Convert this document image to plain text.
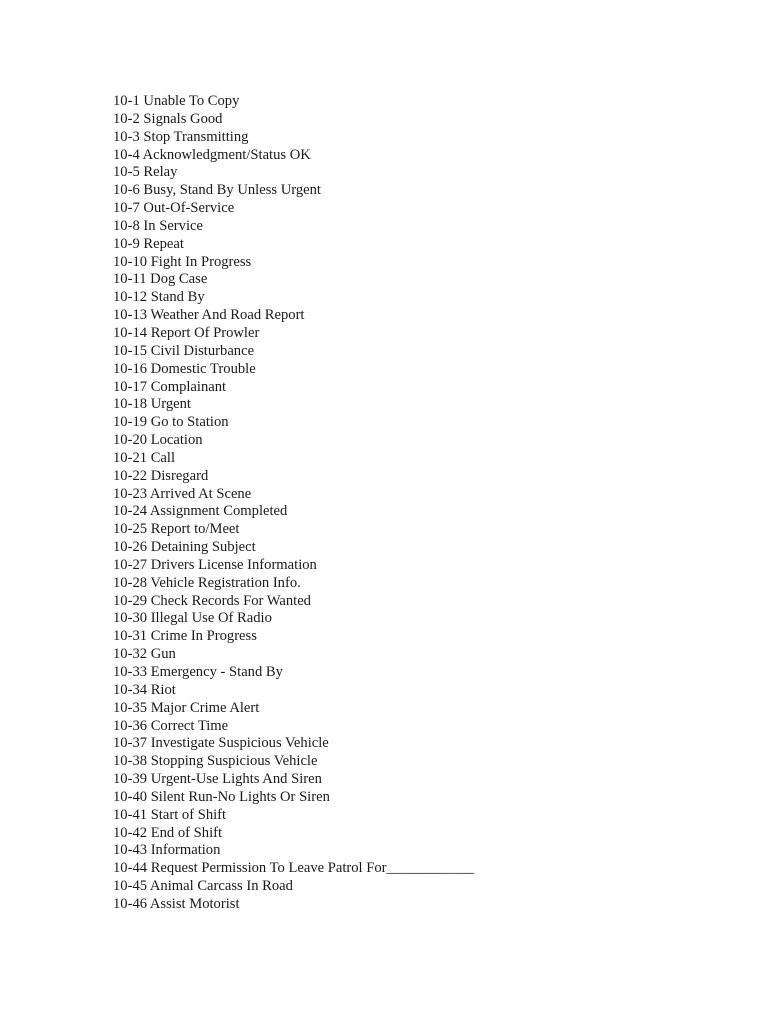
10-1 Unable To Copy
10-2 Signals Good
10-3 Stop Transmitting
10-4 Acknowledgment/Status OK
10-5 Relay
10-6 Busy, Stand By Unless Urgent
10-7 Out-Of-Service
10-8 In Service
10-9 Repeat
10-10 Fight In Progress
10-11 Dog Case
10-12 Stand By
10-13 Weather And Road Report
10-14 Report Of Prowler
10-15 Civil Disturbance
10-16 Domestic Trouble
10-17 Complainant
10-18 Urgent
10-19 Go to Station
10-20 Location
10-21 Call
10-22 Disregard
10-23 Arrived At Scene
10-24 Assignment Completed
10-25 Report to/Meet
10-26 Detaining Subject
10-27 Drivers License Information
10-28 Vehicle Registration Info.
10-29 Check Records For Wanted
10-30 Illegal Use Of Radio
10-31 Crime In Progress
10-32 Gun
10-33 Emergency - Stand By
10-34 Riot
10-35 Major Crime Alert
10-36 Correct Time
10-37 Investigate Suspicious Vehicle
10-38 Stopping Suspicious Vehicle
10-39 Urgent-Use Lights And Siren
10-40 Silent Run-No Lights Or Siren
10-41 Start of Shift
10-42 End of Shift
10-43 Information
10-44 Request Permission To Leave Patrol For____________
10-45 Animal Carcass In Road
10-46 Assist Motorist
